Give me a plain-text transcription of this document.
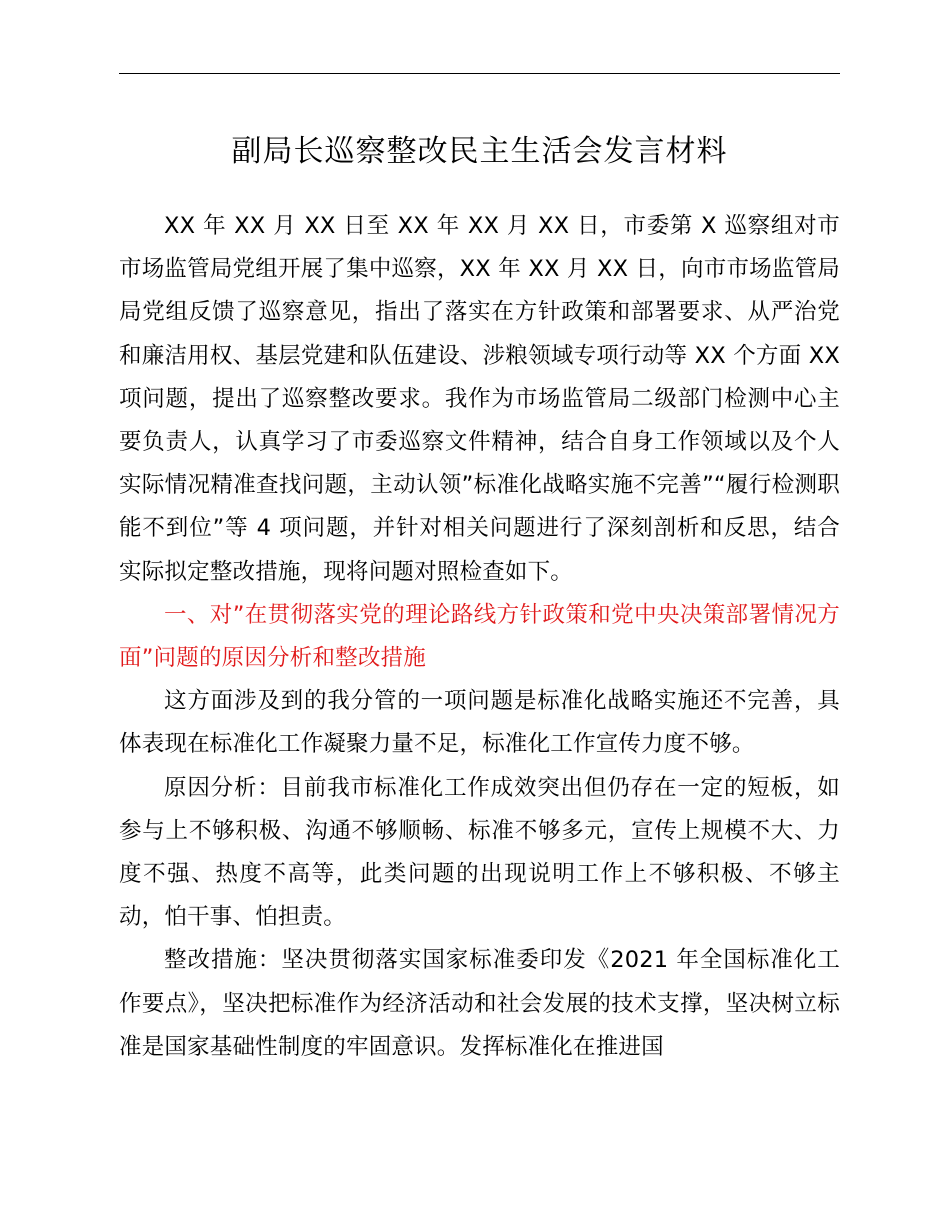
副局长巡察整改民主生活会发言材料

XX 年 XX 月 XX 日至 XX 年 XX 月 XX 日，市委第 X 巡察组对市市场监管局党组开展了集中巡察，XX 年 XX 月 XX 日，向市市场监管局局党组反馈了巡察意见，指出了落实在方针政策和部署要求、从严治党和廉洁用权、基层党建和队伍建设、涉粮领域专项行动等 XX 个方面 XX 项问题，提出了巡察整改要求。我作为市场监管局二级部门检测中心主要负责人，认真学习了市委巡察文件精神，结合自身工作领域以及个人实际情况精准查找问题，主动认领”标准化战略实施不完善”“履行检测职能不到位”等 4 项问题，并针对相关问题进行了深刻剖析和反思，结合实际拟定整改措施，现将问题对照检查如下。

一、对”在贯彻落实党的理论路线方针政策和党中央决策部署情况方面”问题的原因分析和整改措施

这方面涉及到的我分管的一项问题是标准化战略实施还不完善，具体表现在标准化工作凝聚力量不足，标准化工作宣传力度不够。

原因分析：目前我市标准化工作成效突出但仍存在一定的短板，如参与上不够积极、沟通不够顺畅、标准不够多元，宣传上规模不大、力度不强、热度不高等，此类问题的出现说明工作上不够积极、不够主动，怕干事、怕担责。

整改措施：坚决贯彻落实国家标准委印发《2021 年全国标准化工作要点》，坚决把标准作为经济活动和社会发展的技术支撑，坚决树立标准是国家基础性制度的牢固意识。发挥标准化在推进国
